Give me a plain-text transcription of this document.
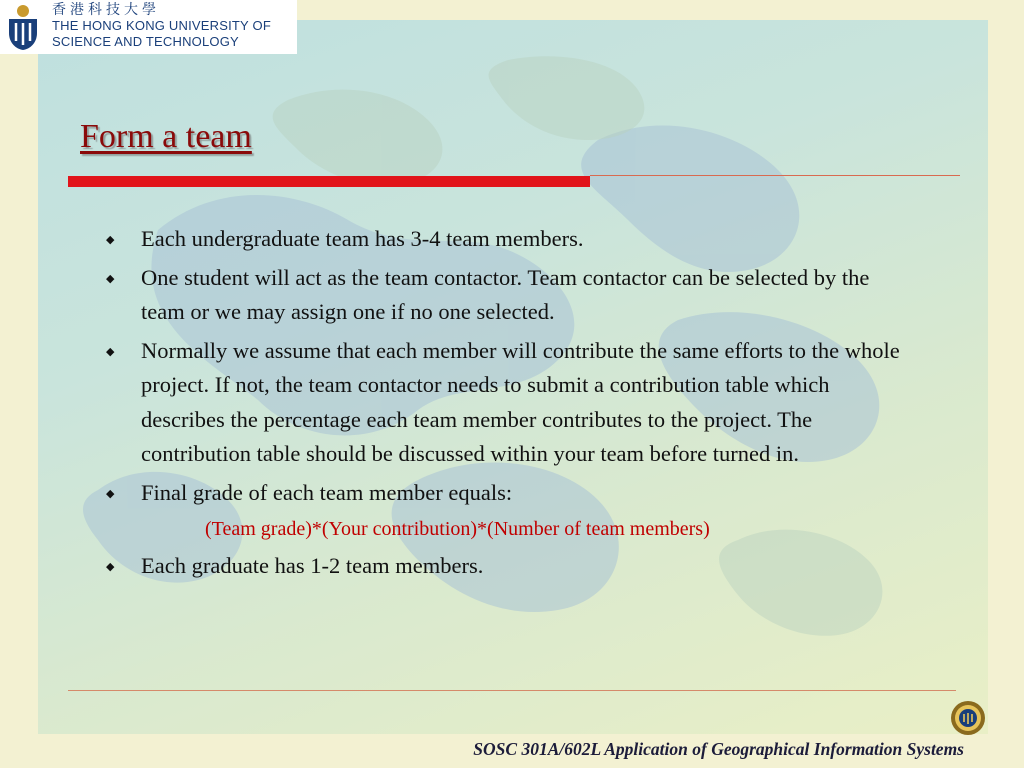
香港科技大學
THE HONG KONG UNIVERSITY OF
SCIENCE AND TECHNOLOGY
Form a team
◆ Each undergraduate team has 3-4 team members.
◆ One student will act as the team contactor. Team contactor can be selected by the team or we may assign one if no one selected.
◆ Normally we assume that each member will contribute the same efforts to the whole project. If not, the team contactor needs to submit a contribution table which describes the percentage each team member contributes to the project. The contribution table should be discussed within your team before turned in.
◆ Final grade of each team member equals:
(Team grade)*(Your contribution)*(Number of team members)
◆ Each graduate has 1-2 team members.
SOSC 301A/602L Application of Geographical Information Systems
